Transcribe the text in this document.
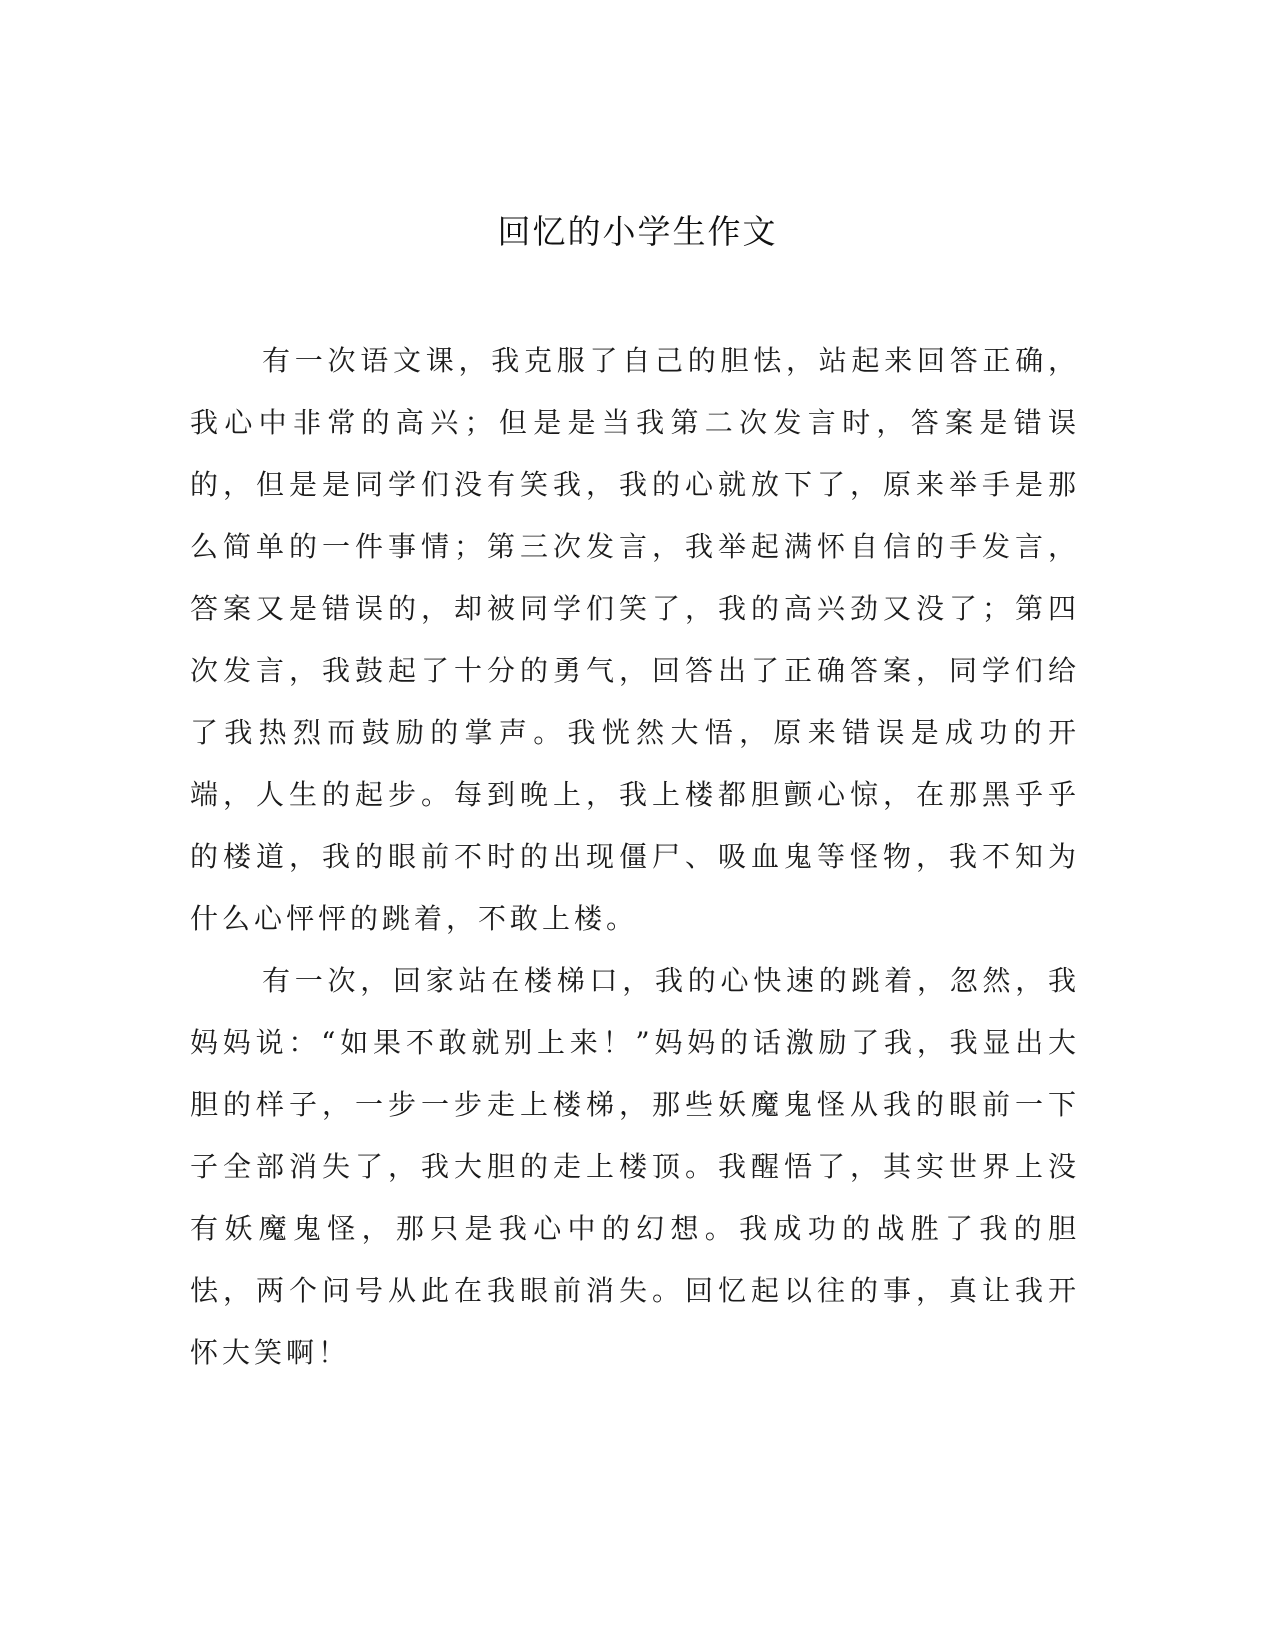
回忆的小学生作文

有一次语文课，我克服了自己的胆怯，站起来回答正确，我心中非常的高兴；但是是当我第二次发言时，答案是错误的，但是是同学们没有笑我，我的心就放下了，原来举手是那么简单的一件事情；第三次发言，我举起满怀自信的手发言，答案又是错误的，却被同学们笑了，我的高兴劲又没了；第四次发言，我鼓起了十分的勇气，回答出了正确答案，同学们给了我热烈而鼓励的掌声。我恍然大悟，原来错误是成功的开端，人生的起步。每到晚上，我上楼都胆颤心惊，在那黑乎乎的楼道，我的眼前不时的出现僵尸、吸血鬼等怪物，我不知为什么心怦怦的跳着，不敢上楼。

有一次，回家站在楼梯口，我的心快速的跳着，忽然，我妈妈说：“如果不敢就别上来！”妈妈的话激励了我，我显出大胆的样子，一步一步走上楼梯，那些妖魔鬼怪从我的眼前一下子全部消失了，我大胆的走上楼顶。我醒悟了，其实世界上没有妖魔鬼怪，那只是我心中的幻想。我成功的战胜了我的胆怯，两个问号从此在我眼前消失。回忆起以往的事，真让我开怀大笑啊！
